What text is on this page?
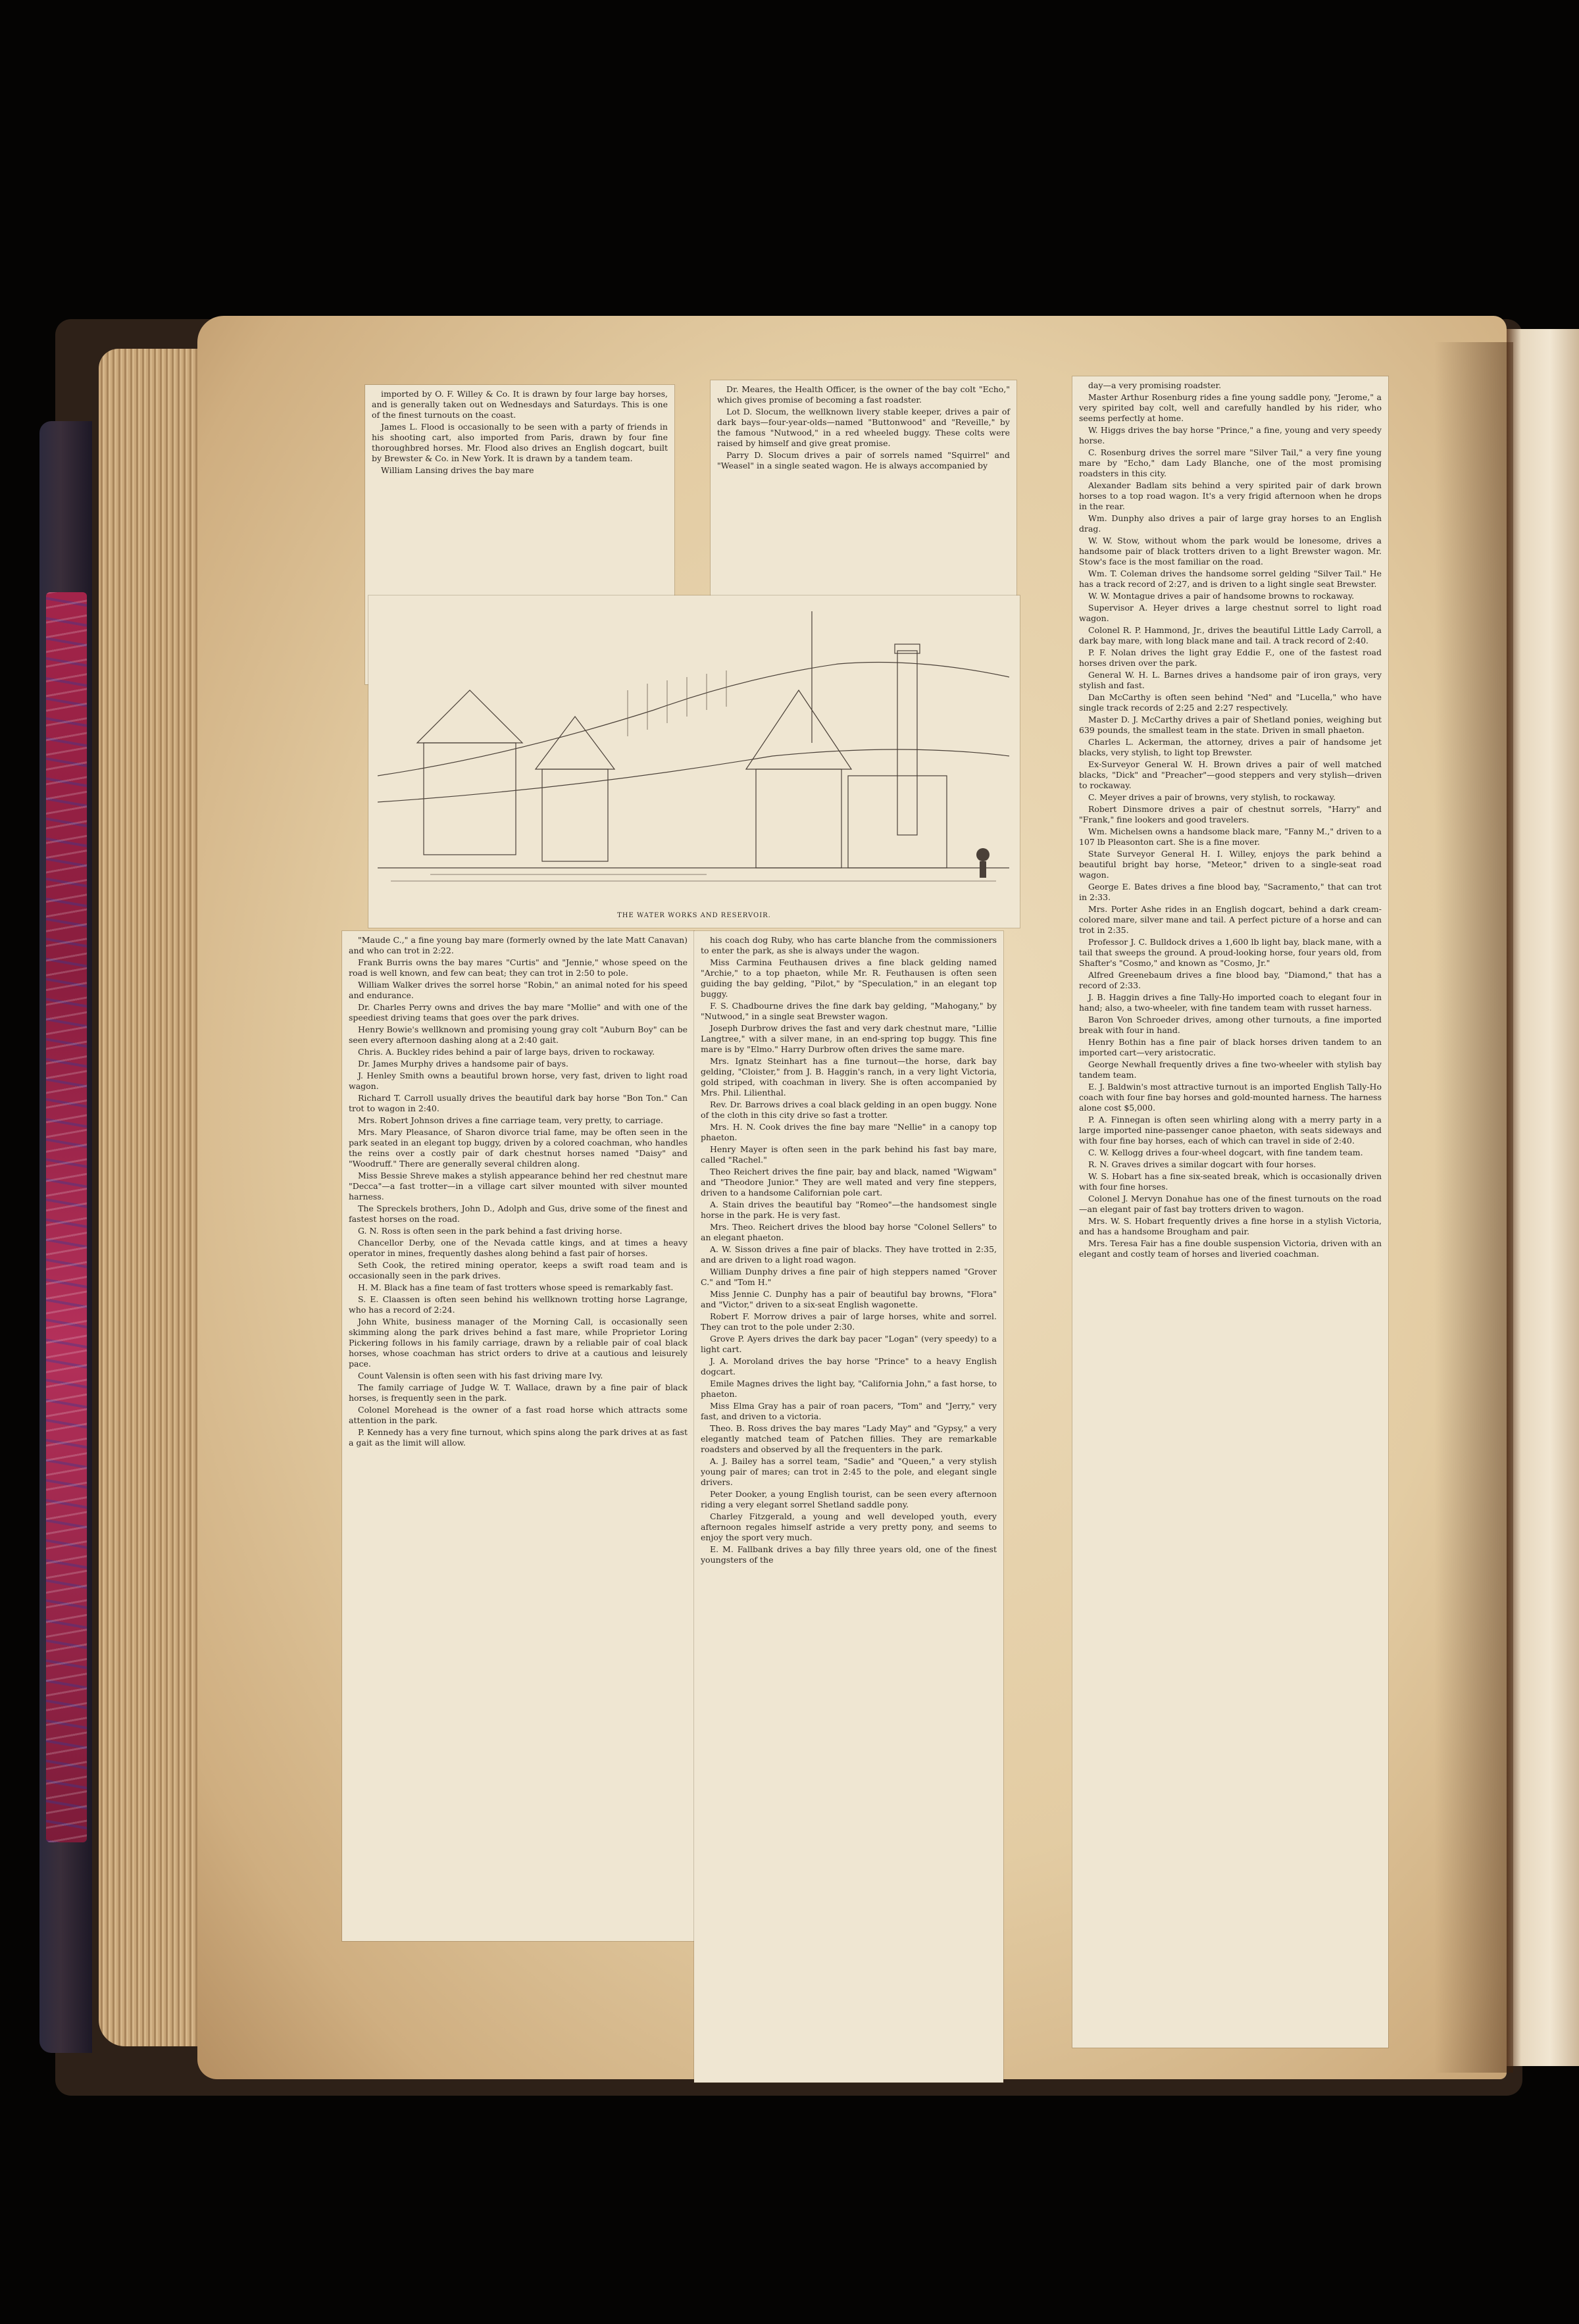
imported by O. F. Willey & Co. It is drawn by four large bay horses, and is generally taken out on Wednesdays and Saturdays. This is one of the finest turnouts on the coast.

James L. Flood is occasionally to be seen with a party of friends in his shooting cart, also imported from Paris, drawn by four fine thoroughbred horses. Mr. Flood also drives an English dogcart, built by Brewster & Co. in New York. It is drawn by a tandem team.

William Lansing drives the bay mare

Dr. Meares, the Health Officer, is the owner of the bay colt "Echo," which gives promise of becoming a fast roadster.

Lot D. Slocum, the wellknown livery stable keeper, drives a pair of dark bays—four-year-olds—named "Buttonwood" and "Reveille," by the famous "Nutwood," in a red wheeled buggy. These colts were raised by himself and give great promise.

Parry D. Slocum drives a pair of sorrels named "Squirrel" and "Weasel" in a single seated wagon. He is always accompanied by

THE WATER WORKS AND RESERVOIR.

"Maude C.," a fine young bay mare (formerly owned by the late Matt Canavan) and who can trot in 2:22.

Frank Burris owns the bay mares "Curtis" and "Jennie," whose speed on the road is well known, and few can beat; they can trot in 2:50 to pole.

William Walker drives the sorrel horse "Robin," an animal noted for his speed and endurance.

Dr. Charles Perry owns and drives the bay mare "Mollie" and with one of the speediest driving teams that goes over the park drives.

Henry Bowie's wellknown and promising young gray colt "Auburn Boy" can be seen every afternoon dashing along at a 2:40 gait.

Chris. A. Buckley rides behind a pair of large bays, driven to rockaway.

Dr. James Murphy drives a handsome pair of bays.

J. Henley Smith owns a beautiful brown horse, very fast, driven to light road wagon.

Richard T. Carroll usually drives the beautiful dark bay horse "Bon Ton." Can trot to wagon in 2:40.

Mrs. Robert Johnson drives a fine carriage team, very pretty, to carriage.

Mrs. Mary Pleasance, of Sharon divorce trial fame, may be often seen in the park seated in an elegant top buggy, driven by a colored coachman, who handles the reins over a costly pair of dark chestnut horses named "Daisy" and "Woodruff." There are generally several children along.

Miss Bessie Shreve makes a stylish appearance behind her red chestnut mare "Decca"—a fast trotter—in a village cart silver mounted with silver mounted harness.

The Spreckels brothers, John D., Adolph and Gus, drive some of the finest and fastest horses on the road.

G. N. Ross is often seen in the park behind a fast driving horse.

Chancellor Derby, one of the Nevada cattle kings, and at times a heavy operator in mines, frequently dashes along behind a fast pair of horses.

Seth Cook, the retired mining operator, keeps a swift road team and is occasionally seen in the park drives.

H. M. Black has a fine team of fast trotters whose speed is remarkably fast.

S. E. Claassen is often seen behind his wellknown trotting horse Lagrange, who has a record of 2:24.

John White, business manager of the Morning Call, is occasionally seen skimming along the park drives behind a fast mare, while Proprietor Loring Pickering follows in his family carriage, drawn by a reliable pair of coal black horses, whose coachman has strict orders to drive at a cautious and leisurely pace.

Count Valensin is often seen with his fast driving mare Ivy.

The family carriage of Judge W. T. Wallace, drawn by a fine pair of black horses, is frequently seen in the park.

Colonel Morehead is the owner of a fast road horse which attracts some attention in the park.

P. Kennedy has a very fine turnout, which spins along the park drives at as fast a gait as the limit will allow.

his coach dog Ruby, who has carte blanche from the commissioners to enter the park, as she is always under the wagon.

Miss Carmina Feuthausen drives a fine black gelding named "Archie," to a top phaeton, while Mr. R. Feuthausen is often seen guiding the bay gelding, "Pilot," by "Speculation," in an elegant top buggy.

F. S. Chadbourne drives the fine dark bay gelding, "Mahogany," by "Nutwood," in a single seat Brewster wagon.

Joseph Durbrow drives the fast and very dark chestnut mare, "Lillie Langtree," with a silver mane, in an end-spring top buggy. This fine mare is by "Elmo." Harry Durbrow often drives the same mare.

Mrs. Ignatz Steinhart has a fine turnout—the horse, dark bay gelding, "Cloister," from J. B. Haggin's ranch, in a very light Victoria, gold striped, with coachman in livery. She is often accompanied by Mrs. Phil. Lilienthal.

Rev. Dr. Barrows drives a coal black gelding in an open buggy. None of the cloth in this city drive so fast a trotter.

Mrs. H. N. Cook drives the fine bay mare "Nellie" in a canopy top phaeton.

Henry Mayer is often seen in the park behind his fast bay mare, called "Rachel."

Theo Reichert drives the fine pair, bay and black, named "Wigwam" and "Theodore Junior." They are well mated and very fine steppers, driven to a handsome Californian pole cart.

A. Stain drives the beautiful bay "Romeo"—the handsomest single horse in the park. He is very fast.

Mrs. Theo. Reichert drives the blood bay horse "Colonel Sellers" to an elegant phaeton.

A. W. Sisson drives a fine pair of blacks. They have trotted in 2:35, and are driven to a light road wagon.

William Dunphy drives a fine pair of high steppers named "Grover C." and "Tom H."

Miss Jennie C. Dunphy has a pair of beautiful bay browns, "Flora" and "Victor," driven to a six-seat English wagonette.

Robert F. Morrow drives a pair of large horses, white and sorrel. They can trot to the pole under 2:30.

Grove P. Ayers drives the dark bay pacer "Logan" (very speedy) to a light cart.

J. A. Moroland drives the bay horse "Prince" to a heavy English dogcart.

Emile Magnes drives the light bay, "California John," a fast horse, to phaeton.

Miss Elma Gray has a pair of roan pacers, "Tom" and "Jerry," very fast, and driven to a victoria.

Theo. B. Ross drives the bay mares "Lady May" and "Gypsy," a very elegantly matched team of Patchen fillies. They are remarkable roadsters and observed by all the frequenters in the park.

A. J. Bailey has a sorrel team, "Sadie" and "Queen," a very stylish young pair of mares; can trot in 2:45 to the pole, and elegant single drivers.

Peter Dooker, a young English tourist, can be seen every afternoon riding a very elegant sorrel Shetland saddle pony.

Charley Fitzgerald, a young and well developed youth, every afternoon regales himself astride a very pretty pony, and seems to enjoy the sport very much.

E. M. Fallbank drives a bay filly three years old, one of the finest youngsters of the

day—a very promising roadster.

Master Arthur Rosenburg rides a fine young saddle pony, "Jerome," a very spirited bay colt, well and carefully handled by his rider, who seems perfectly at home.

W. Higgs drives the bay horse "Prince," a fine, young and very speedy horse.

C. Rosenburg drives the sorrel mare "Silver Tail," a very fine young mare by "Echo," dam Lady Blanche, one of the most promising roadsters in this city.

Alexander Badlam sits behind a very spirited pair of dark brown horses to a top road wagon. It's a very frigid afternoon when he drops in the rear.

Wm. Dunphy also drives a pair of large gray horses to an English drag.

W. W. Stow, without whom the park would be lonesome, drives a handsome pair of black trotters driven to a light Brewster wagon. Mr. Stow's face is the most familiar on the road.

Wm. T. Coleman drives the handsome sorrel gelding "Silver Tail." He has a track record of 2:27, and is driven to a light single seat Brewster.

W. W. Montague drives a pair of handsome browns to rockaway.

Supervisor A. Heyer drives a large chestnut sorrel to light road wagon.

Colonel R. P. Hammond, Jr., drives the beautiful Little Lady Carroll, a dark bay mare, with long black mane and tail. A track record of 2:40.

P. F. Nolan drives the light gray Eddie F., one of the fastest road horses driven over the park.

General W. H. L. Barnes drives a handsome pair of iron grays, very stylish and fast.

Dan McCarthy is often seen behind "Ned" and "Lucella," who have single track records of 2:25 and 2:27 respectively.

Master D. J. McCarthy drives a pair of Shetland ponies, weighing but 639 pounds, the smallest team in the state. Driven in small phaeton.

Charles L. Ackerman, the attorney, drives a pair of handsome jet blacks, very stylish, to light top Brewster.

Ex-Surveyor General W. H. Brown drives a pair of well matched blacks, "Dick" and "Preacher"—good steppers and very stylish—driven to rockaway.

C. Meyer drives a pair of browns, very stylish, to rockaway.

Robert Dinsmore drives a pair of chestnut sorrels, "Harry" and "Frank," fine lookers and good travelers.

Wm. Michelsen owns a handsome black mare, "Fanny M.," driven to a 107 lb Pleasonton cart. She is a fine mover.

State Surveyor General H. I. Willey, enjoys the park behind a beautiful bright bay horse, "Meteor," driven to a single-seat road wagon.

George E. Bates drives a fine blood bay, "Sacramento," that can trot in 2:33.

Mrs. Porter Ashe rides in an English dogcart, behind a dark cream-colored mare, silver mane and tail. A perfect picture of a horse and can trot in 2:35.

Professor J. C. Bulldock drives a 1,600 lb light bay, black mane, with a tail that sweeps the ground. A proud-looking horse, four years old, from Shafter's "Cosmo," and known as "Cosmo, Jr."

Alfred Greenebaum drives a fine blood bay, "Diamond," that has a record of 2:33.

J. B. Haggin drives a fine Tally-Ho imported coach to elegant four in hand; also, a two-wheeler, with fine tandem team with russet harness.

Baron Von Schroeder drives, among other turnouts, a fine imported break with four in hand.

Henry Bothin has a fine pair of black horses driven tandem to an imported cart—very aristocratic.

George Newhall frequently drives a fine two-wheeler with stylish bay tandem team.

E. J. Baldwin's most attractive turnout is an imported English Tally-Ho coach with four fine bay horses and gold-mounted harness. The harness alone cost $5,000.

P. A. Finnegan is often seen whirling along with a merry party in a large imported nine-passenger canoe phaeton, with seats sideways and with four fine bay horses, each of which can travel in side of 2:40.

C. W. Kellogg drives a four-wheel dogcart, with fine tandem team.

R. N. Graves drives a similar dogcart with four horses.

W. S. Hobart has a fine six-seated break, which is occasionally driven with four fine horses.

Colonel J. Mervyn Donahue has one of the finest turnouts on the road—an elegant pair of fast bay trotters driven to wagon.

Mrs. W. S. Hobart frequently drives a fine horse in a stylish Victoria, and has a handsome Brougham and pair.

Mrs. Teresa Fair has a fine double suspension Victoria, driven with an elegant and costly team of horses and liveried coachman.
